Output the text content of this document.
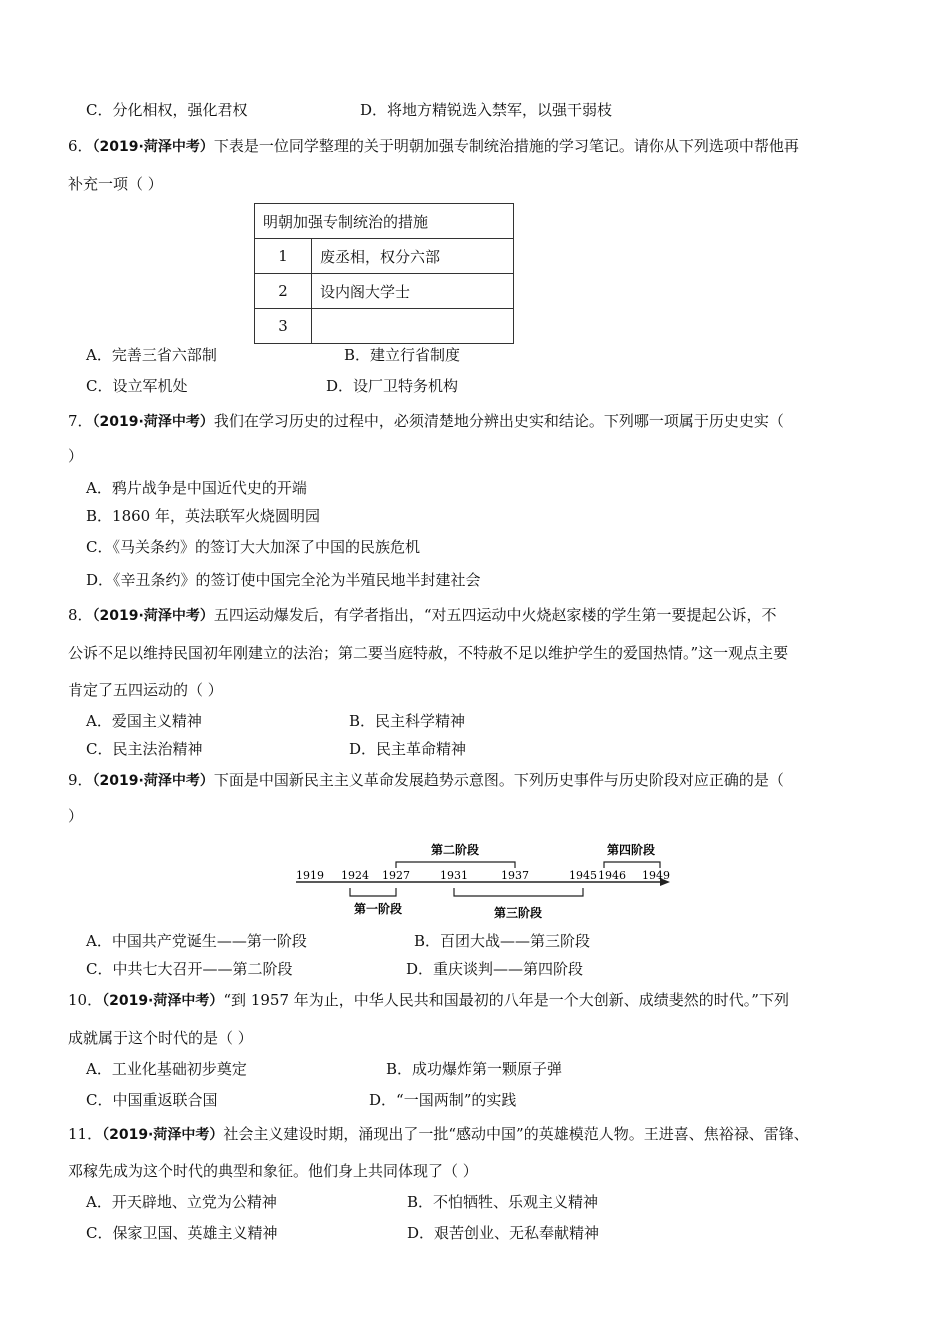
C．分化相权，强化君权	D．将地方精锐选入禁军，以强干弱枝
6．（2019·菏泽中考）下表是一位同学整理的关于明朝加强专制统治措施的学习笔记。请你从下列选项中帮他再
补充一项（ ）
明朝加强专制统治的措施	
1	废丞相，权分六部
2	设内阁大学士
3	
A．完善三省六部制	B．建立行省制度
C．设立军机处	D．设厂卫特务机构
7．（2019·菏泽中考）我们在学习历史的过程中，必须清楚地分辨出史实和结论。下列哪一项属于历史史实（
）
A．鸦片战争是中国近代史的开端
B．1860 年，英法联军火烧圆明园
C．《马关条约》的签订大大加深了中国的民族危机
D．《辛丑条约》的签订使中国完全沦为半殖民地半封建社会
8．（2019·菏泽中考）五四运动爆发后，有学者指出，“对五四运动中火烧赵家楼的学生第一要提起公诉，不
公诉不足以维持民国初年刚建立的法治；第二要当庭特赦，不特赦不足以维护学生的爱国热情。”这一观点主要
肯定了五四运动的（ ）
A．爱国主义精神	B．民主科学精神
C．民主法治精神	D．民主革命精神
9．（2019·菏泽中考）下面是中国新民主主义革命发展趋势示意图。下列历史事件与历史阶段对应正确的是（
）
1919 1924 1927	1931	1937	1945 1946 1949
第二阶段	第四阶段
第一阶段	第三阶段
A．中国共产党诞生——第一阶段	B．百团大战——第三阶段
C．中共七大召开——第二阶段	D．重庆谈判——第四阶段
10．（2019·菏泽中考）“到 1957 年为止，中华人民共和国最初的八年是一个大创新、成绩斐然的时代。”下列
成就属于这个时代的是（ ）
A．工业化基础初步奠定	B．成功爆炸第一颗原子弹
C．中国重返联合国	D．“一国两制”的实践
11．（2019·菏泽中考）社会主义建设时期，涌现出了一批“感动中国”的英雄模范人物。王进喜、焦裕禄、雷锋、
邓稼先成为这个时代的典型和象征。他们身上共同体现了（ ）
A．开天辟地、立党为公精神	B．不怕牺牲、乐观主义精神
C．保家卫国、英雄主义精神	D．艰苦创业、无私奉献精神
